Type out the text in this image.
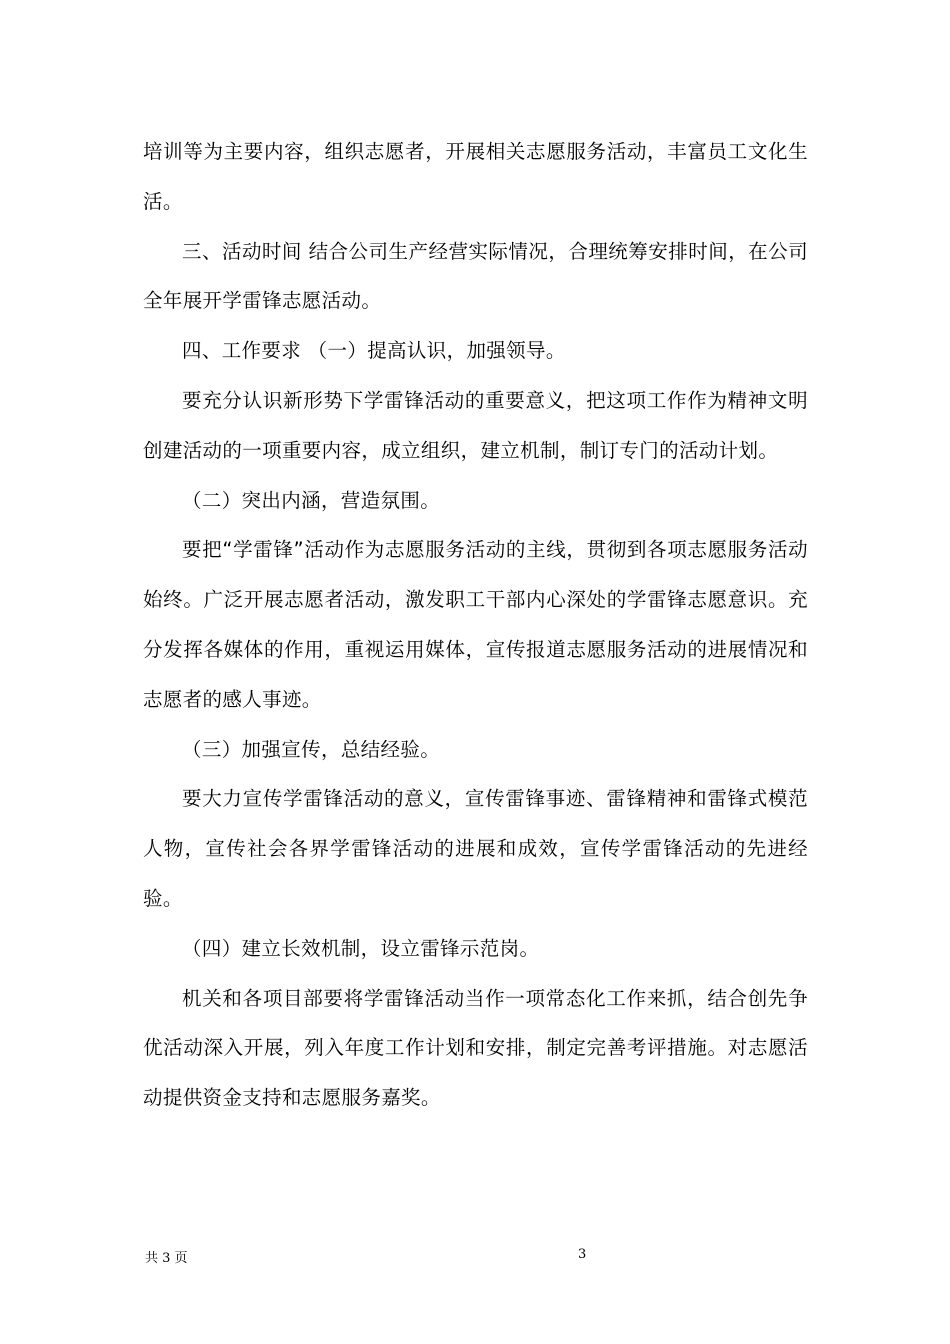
培训等为主要内容，组织志愿者，开展相关志愿服务活动，丰富员工文化生活。

三、活动时间 结合公司生产经营实际情况，合理统筹安排时间，在公司全年展开学雷锋志愿活动。

四、工作要求 （一）提高认识，加强领导。

要充分认识新形势下学雷锋活动的重要意义，把这项工作作为精神文明创建活动的一项重要内容，成立组织，建立机制，制订专门的活动计划。

（二）突出内涵，营造氛围。

要把“学雷锋”活动作为志愿服务活动的主线，贯彻到各项志愿服务活动始终。广泛开展志愿者活动，激发职工干部内心深处的学雷锋志愿意识。充分发挥各媒体的作用，重视运用媒体，宣传报道志愿服务活动的进展情况和志愿者的感人事迹。

（三）加强宣传，总结经验。

要大力宣传学雷锋活动的意义，宣传雷锋事迹、雷锋精神和雷锋式模范人物，宣传社会各界学雷锋活动的进展和成效，宣传学雷锋活动的先进经验。

（四）建立长效机制，设立雷锋示范岗。

机关和各项目部要将学雷锋活动当作一项常态化工作来抓，结合创先争优活动深入开展，列入年度工作计划和安排，制定完善考评措施。对志愿活动提供资金支持和志愿服务嘉奖。

共 3 页	3
